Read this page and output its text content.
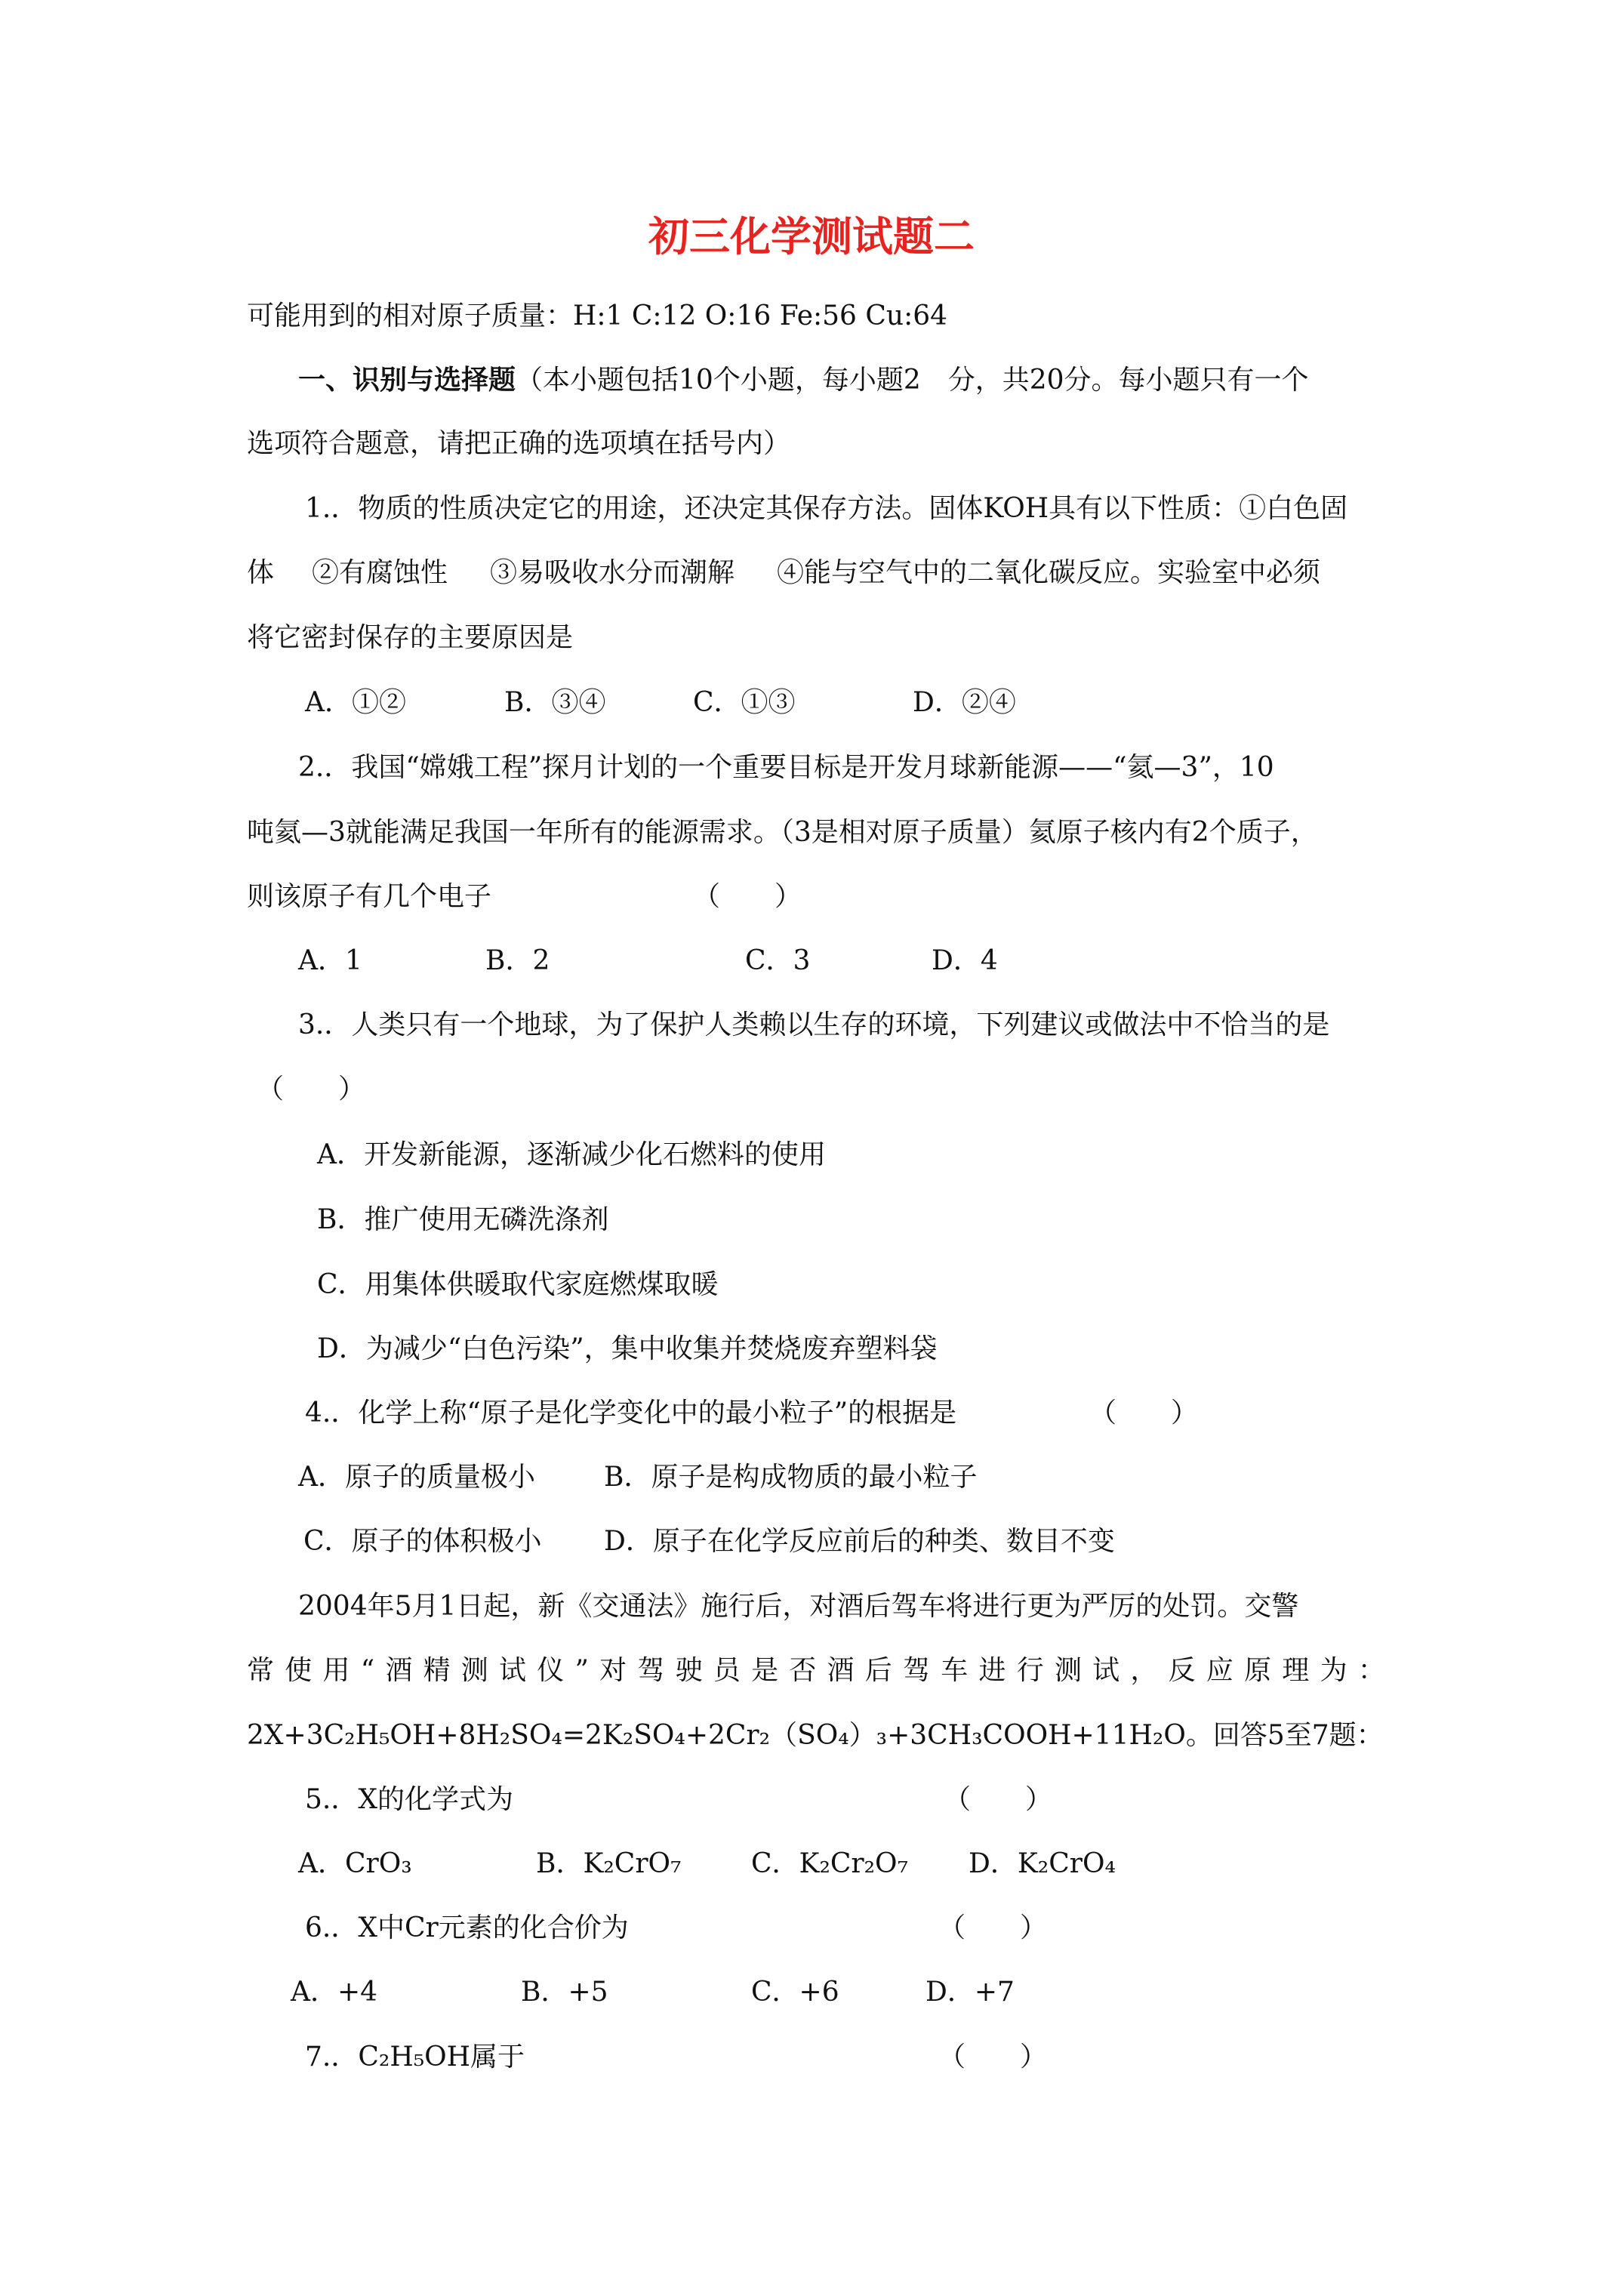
初三化学测试题二
可能用到的相对原子质量：H:1 C:12 O:16 Fe:56 Cu:64
一、识别与选择题（本小题包括10个小题，每小题2　分，共20分。每小题只有一个
选项符合题意，请把正确的选项填在括号内）
1.．物质的性质决定它的用途，还决定其保存方法。固体KOH具有以下性质：①白色固
体 ②有腐蚀性 ③易吸收水分而潮解 ④能与空气中的二氧化碳反应。实验室中必须
将它密封保存的主要原因是
A．①②	B．③④	C．①③	D．②④
2.．我国“嫦娥工程”探月计划的一个重要目标是开发月球新能源——“氦—3”，10
吨氦—3就能满足我国一年所有的能源需求。（3是相对原子质量）氦原子核内有2个质子，
则该原子有几个电子	（　　）
A．1	B．2	C．3	D．4
3.．人类只有一个地球，为了保护人类赖以生存的环境，下列建议或做法中不恰当的是
（　　）
A．开发新能源，逐渐减少化石燃料的使用
B．推广使用无磷洗涤剂
C．用集体供暖取代家庭燃煤取暖
D．为减少“白色污染”，集中收集并焚烧废弃塑料袋
4.．化学上称“原子是化学变化中的最小粒子”的根据是	（　　）
A．原子的质量极小	B．原子是构成物质的最小粒子
C．原子的体积极小 D．原子在化学反应前后的种类、数目不变
2004年5月1日起，新《交通法》施行后，对酒后驾车将进行更为严厉的处罚。交警
常 使 用 “ 酒 精 测 试 仪 ” 对 驾 驶 员 是 否 酒 后 驾 车 进 行 测 试 ， 反 应 原 理 为 ：
2X+3C₂H₅OH+8H₂SO₄=2K₂SO₄+2Cr₂（SO₄）₃+3CH₃COOH+11H₂O。回答5至7题：
5.．X的化学式为	（　　）
A．CrO₃	B．K₂CrO₇	C．K₂Cr₂O₇ D．K₂CrO₄
6.．X中Cr元素的化合价为	（　　）
A．+4	B．+5	C．+6	D．+7
7.．C₂H₅OH属于	（　　）
